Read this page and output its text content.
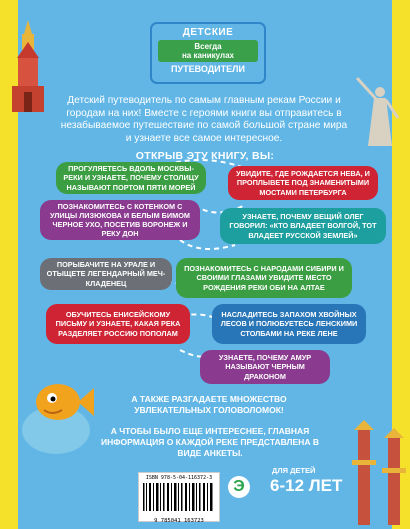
ДЕТСКИЕ
Всегда
на каникулах
ПУТЕВОДИТЕЛИ
Детский путеводитель по самым главным рекам России и городам на них! Вместе с героями книги вы отправитесь в незабываемое путешествие по самой большой стране мира и узнаете все самое интересное.
ОТКРЫВ ЭТУ КНИГУ, ВЫ:
ПРОГУЛЯЕТЕСЬ ВДОЛЬ МОСКВЫ-РЕКИ И УЗНАЕТЕ, ПОЧЕМУ СТОЛИЦУ НАЗЫВАЮТ ПОРТОМ ПЯТИ МОРЕЙ
УВИДИТЕ, ГДЕ РОЖДАЕТСЯ НЕВА, И ПРОПЛЫВЕТЕ ПОД ЗНАМЕНИТЫМИ МОСТАМИ ПЕТЕРБУРГА
ПОЗНАКОМИТЕСЬ С КОТЕНКОМ С УЛИЦЫ ЛИЗЮКОВА И БЕЛЫМ БИМОМ ЧЕРНОЕ УХО, ПОСЕТИВ ВОРОНЕЖ И РЕКУ ДОН
УЗНАЕТЕ, ПОЧЕМУ ВЕЩИЙ ОЛЕГ ГОВОРИЛ: «КТО ВЛАДЕЕТ ВОЛГОЙ, ТОТ ВЛАДЕЕТ РУССКОЙ ЗЕМЛЕЙ»
ПОРЫБАЧИТЕ НА УРАЛЕ И ОТЫЩЕТЕ ЛЕГЕНДАРНЫЙ МЕЧ-КЛАДЕНЕЦ
ПОЗНАКОМИТЕСЬ С НАРОДАМИ СИБИРИ И СВОИМИ ГЛАЗАМИ УВИДИТЕ МЕСТО РОЖДЕНИЯ РЕКИ ОБИ НА АЛТАЕ
ОБУЧИТЕСЬ ЕНИСЕЙСКОМУ ПИСЬМУ И УЗНАЕТЕ, КАКАЯ РЕКА РАЗДЕЛЯЕТ РОССИЮ ПОПОЛАМ
НАСЛАДИТЕСЬ ЗАПАХОМ ХВОЙНЫХ ЛЕСОВ И ПОЛЮБУЕТЕСЬ ЛЕНСКИМИ СТОЛБАМИ НА РЕКЕ ЛЕНЕ
УЗНАЕТЕ, ПОЧЕМУ АМУР НАЗЫВАЮТ ЧЕРНЫМ ДРАКОНОМ
А ТАКЖЕ РАЗГАДАЕТЕ МНОЖЕСТВО УВЛЕКАТЕЛЬНЫХ ГОЛОВОЛОМОК!
А ЧТОБЫ БЫЛО ЕЩЕ ИНТЕРЕСНЕЕ, ГЛАВНАЯ ИНФОРМАЦИЯ О КАЖДОЙ РЕКЕ ПРЕДСТАВЛЕНА В ВИДЕ АНКЕТЫ.
ISBN 978-5-04-116372-3
9 785041 163723
Э
ДЛЯ ДЕТЕЙ
6-12 ЛЕТ
